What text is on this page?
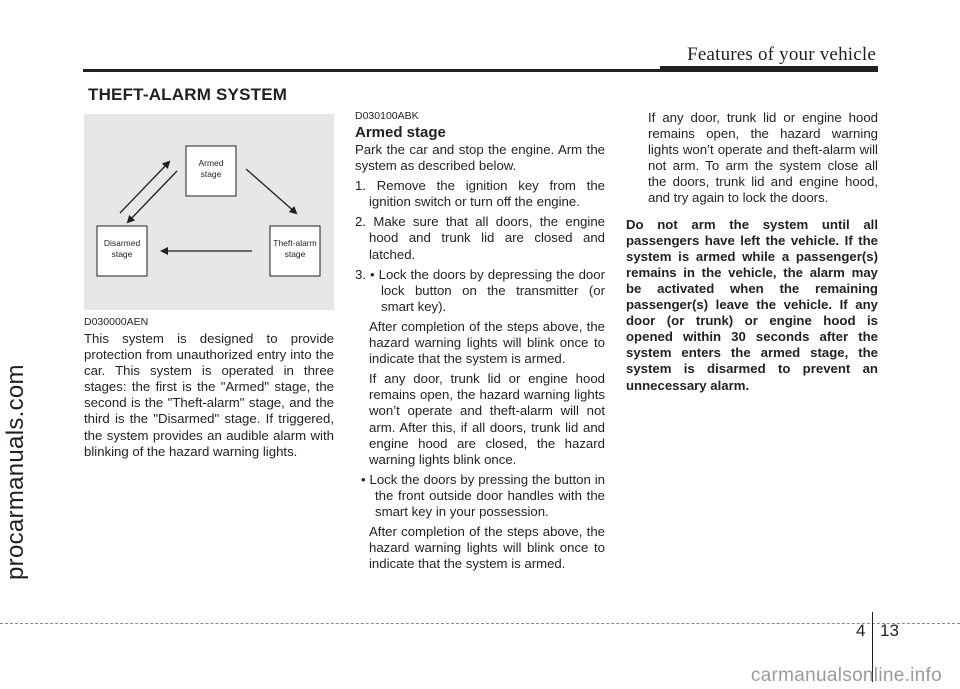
Features of your vehicle
procarmanuals.com
THEFT-ALARM SYSTEM
Armed stage
Theft-alarm stage
Disarmed stage
D030000AEN

This system is designed to provide protection from unauthorized entry into the car. This system is operated in three stages: the first is the "Armed" stage, the second is the "Theft-alarm" stage, and the third is the "Disarmed" stage. If triggered, the system provides an audible alarm with blinking of the hazard warning lights.

D030100ABK
Armed stage

Park the car and stop the engine. Arm the system as described below.

1. Remove the ignition key from the ignition switch or turn off the engine.

2. Make sure that all doors, the engine hood and trunk lid are closed and latched.

3. • Lock the doors by depressing the door lock button on the transmitter (or smart key).

After completion of the steps above, the hazard warning lights will blink once to indicate that the system is armed.

If any door, trunk lid or engine hood remains open, the hazard warning lights won’t operate and theft-alarm will not arm. After this, if all doors, trunk lid and engine hood are closed, the hazard warning lights blink once.

• Lock the doors by pressing the button in the front outside door handles with the smart key in your possession.

After completion of the steps above, the hazard warning lights will blink once to indicate that the system is armed.

If any door, trunk lid or engine hood remains open, the hazard warning lights won’t operate and theft-alarm will not arm. To arm the system close all the doors, trunk lid and engine hood, and try again to lock the doors.

Do not arm the system until all passengers have left the vehicle. If the system is armed while a passenger(s) remains in the vehicle, the alarm may be activated when the remaining passenger(s) leave the vehicle. If any door (or trunk) or engine hood is opened within 30 seconds after the system enters the armed stage, the system is disarmed to prevent an unnecessary alarm.

4 13
carmanualsonline.info
